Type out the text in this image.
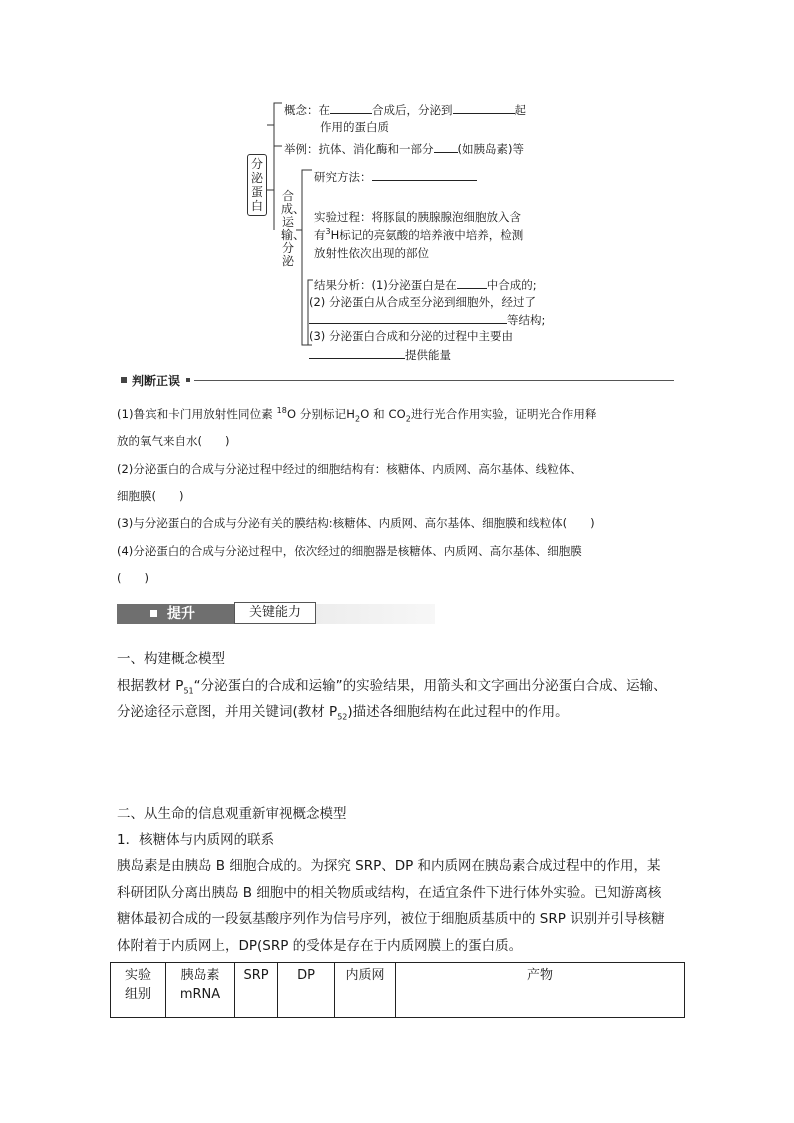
分泌蛋白
概念：在	合成后，分泌到	起
作用的蛋白质
举例：抗体、消化酶和一部分 (如胰岛素)等
合成、运输、分泌
研究方法：
实验过程：将豚鼠的胰腺腺泡细胞放入含
有$^3$H标记的亮氨酸的培养液中培养，检测
放射性依次出现的部位
结果分析：(1)分泌蛋白是在	中合成的;
(2) 分泌蛋白从合成至分泌到细胞外，经过了
等结构;
(3) 分泌蛋白合成和分泌的过程中主要由
提供能量
判断正误
(1)鲁宾和卡门用放射性同位素 $^{18}$O 分别标记$H_2O$ 和 $CO_2$进行光合作用实验，证明光合作用释
放的氧气来自水(　　)
(2)分泌蛋白的合成与分泌过程中经过的细胞结构有：核糖体、内质网、高尔基体、线粒体、
细胞膜(　　)
(3)与分泌蛋白的合成与分泌有关的膜结构:核糖体、内质网、高尔基体、细胞膜和线粒体(　　)
(4)分泌蛋白的合成与分泌过程中，依次经过的细胞器是核糖体、内质网、高尔基体、细胞膜
(　　)
提升	关键能力
一、构建概念模型
根据教材 $P_{51}“$分泌蛋白的合成和运输”的实验结果，用箭头和文字画出分泌蛋白合成、运输、
分泌途径示意图，并用关键词(教材 $P_{52}$)描述各细胞结构在此过程中的作用。
二、从生命的信息观重新审视概念模型
1．核糖体与内质网的联系
胰岛素是由胰岛 B 细胞合成的。为探究 SRP、DP 和内质网在胰岛素合成过程中的作用，某
科研团队分离出胰岛 B 细胞中的相关物质或结构，在适宜条件下进行体外实验。已知游离核
糖体最初合成的一段氨基酸序列作为信号序列，被位于细胞质基质中的 SRP 识别并引导核糖
体附着于内质网上，DP(SRP 的受体是存在于内质网膜上的蛋白质。
实验
组别	胰岛素
mRNA	SRP	DP	内质网	产物
